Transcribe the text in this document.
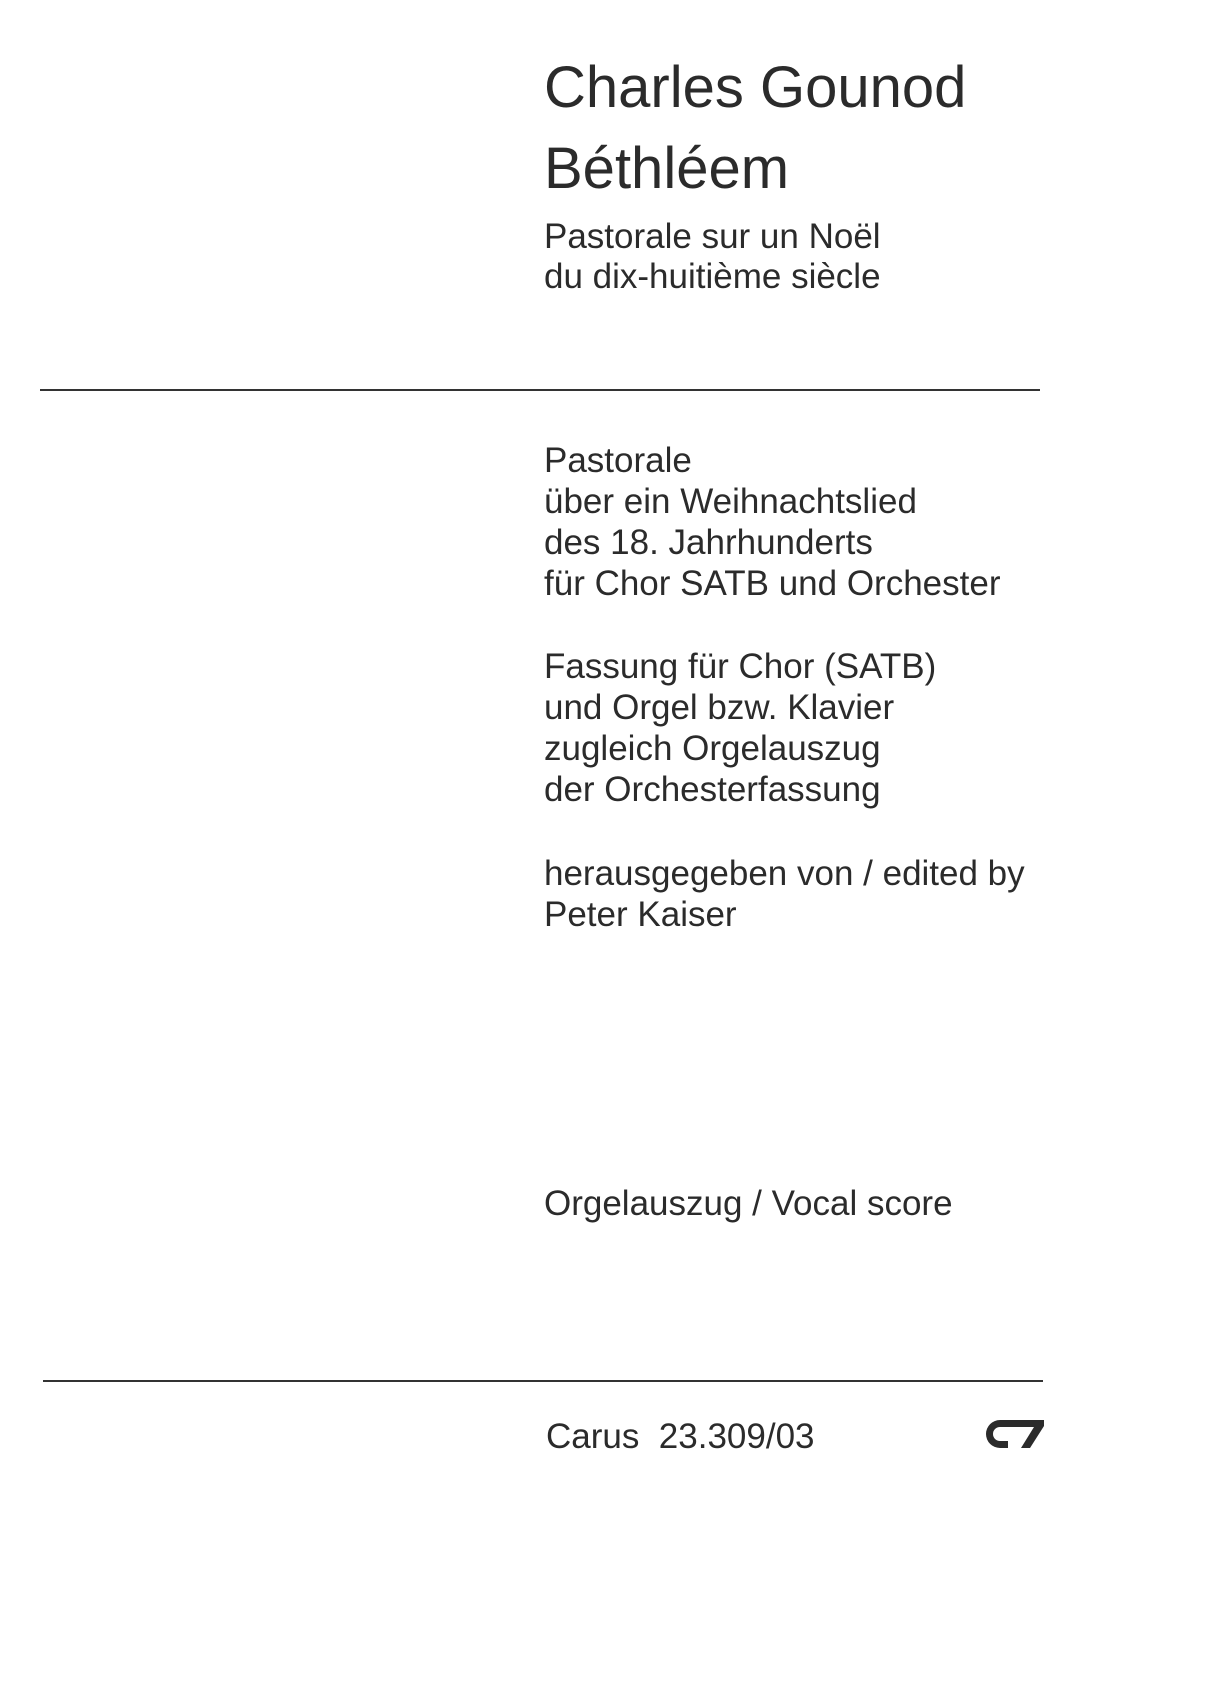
Charles Gounod
Béthléem
Pastorale sur un Noël
du dix-huitième siècle
Pastorale
über ein Weihnachtslied
des 18. Jahrhunderts
für Chor SATB und Orchester
Fassung für Chor (SATB)
und Orgel bzw. Klavier
zugleich Orgelauszug
der Orchesterfassung
herausgegeben von / edited by
Peter Kaiser
Orgelauszug / Vocal score
Carus  23.309/03
